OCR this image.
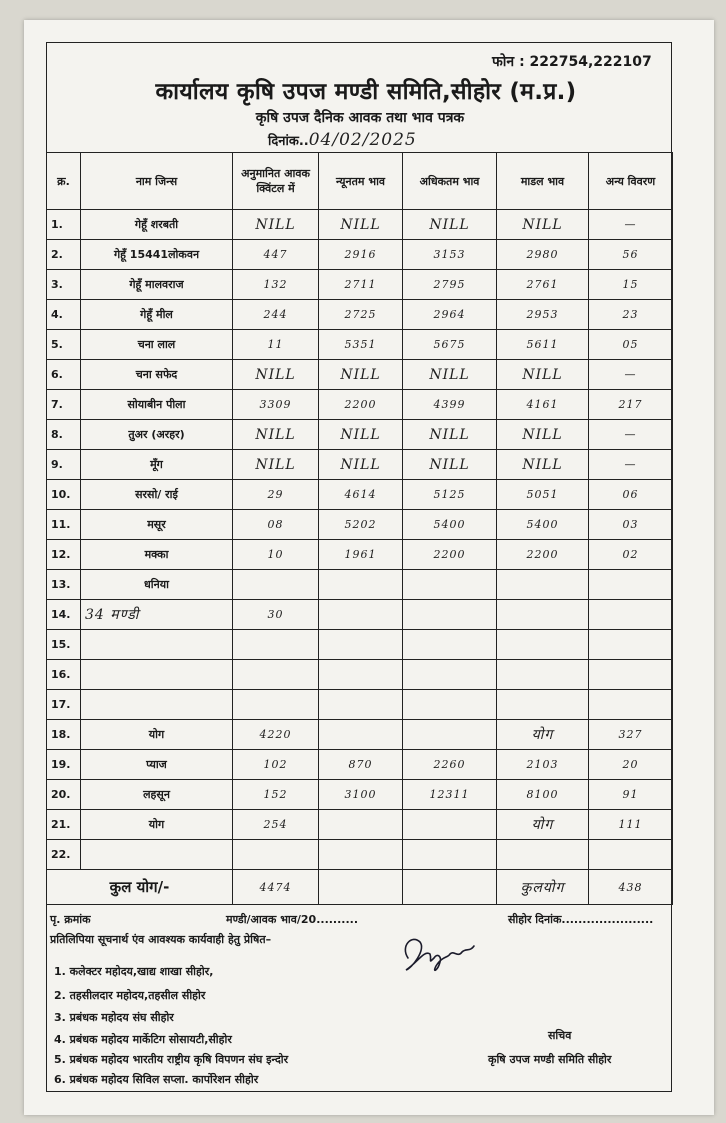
फोन : 222754,222107
कार्यालय कृषि उपज मण्डी समिति,सीहोर (म.प्र.)
कृषि उपज दैनिक आवक तथा भाव पत्रक
दिनांक..04/02/2025
क्र.	नाम जिन्स	अनुमानित आवक क्विंटल में	न्यूनतम भाव	अधिकतम भाव	माडल भाव	अन्य विवरण
1.	गेहूँ शरबती	NILL	NILL	NILL	NILL	—
2.	गेहूँ 15441लोकवन	447	2916	3153	2980	56
3.	गेहूँ मालवराज	132	2711	2795	2761	15
4.	गेहूँ मील	244	2725	2964	2953	23
5.	चना लाल	11	5351	5675	5611	05
6.	चना सफेद	NILL	NILL	NILL	NILL	—
7.	सोयाबीन पीला	3309	2200	4399	4161	217
8.	तुअर (अरहर)	NILL	NILL	NILL	NILL	—
9.	मूँग	NILL	NILL	NILL	NILL	—
10.	सरसो/ राई	29	4614	5125	5051	06
11.	मसूर	08	5202	5400	5400	03
12.	मक्का	10	1961	2200	2200	02
13.	धनिया					
14.	34 मण्डी	30				
15.						
16.						
17.						
18.	योग	4220			योग	327
19.	प्याज	102	870	2260	2103	20
20.	लहसून	152	3100	12311	8100	91
21.	योग	254			योग	111
22.						
कुल योग/-		4474			कुलयोग	438
पृ. क्रमांक	मण्डी/आवक भाव/20..........	सीहोर दिनांक......................
प्रतिलिपिया सूचनार्थ एंव आवश्यक कार्यवाही हेतु प्रेषित–
1. कलेक्टर महोदय,खाद्य शाखा सीहोर,
2. तहसीलदार महोदय,तहसील सीहोर
3. प्रबंधक महोदय संघ सीहोर
4. प्रबंधक महोदय मार्केटिग सोसायटी,सीहोर
5. प्रबंधक महोदय भारतीय राष्ट्रीय कृषि विपणन संघ इन्दोर
6. प्रबंधक महोदय सिविल सप्ला. कार्पोरेशन सीहोर
सचिव
कृषि उपज मण्डी समिति सीहोर
